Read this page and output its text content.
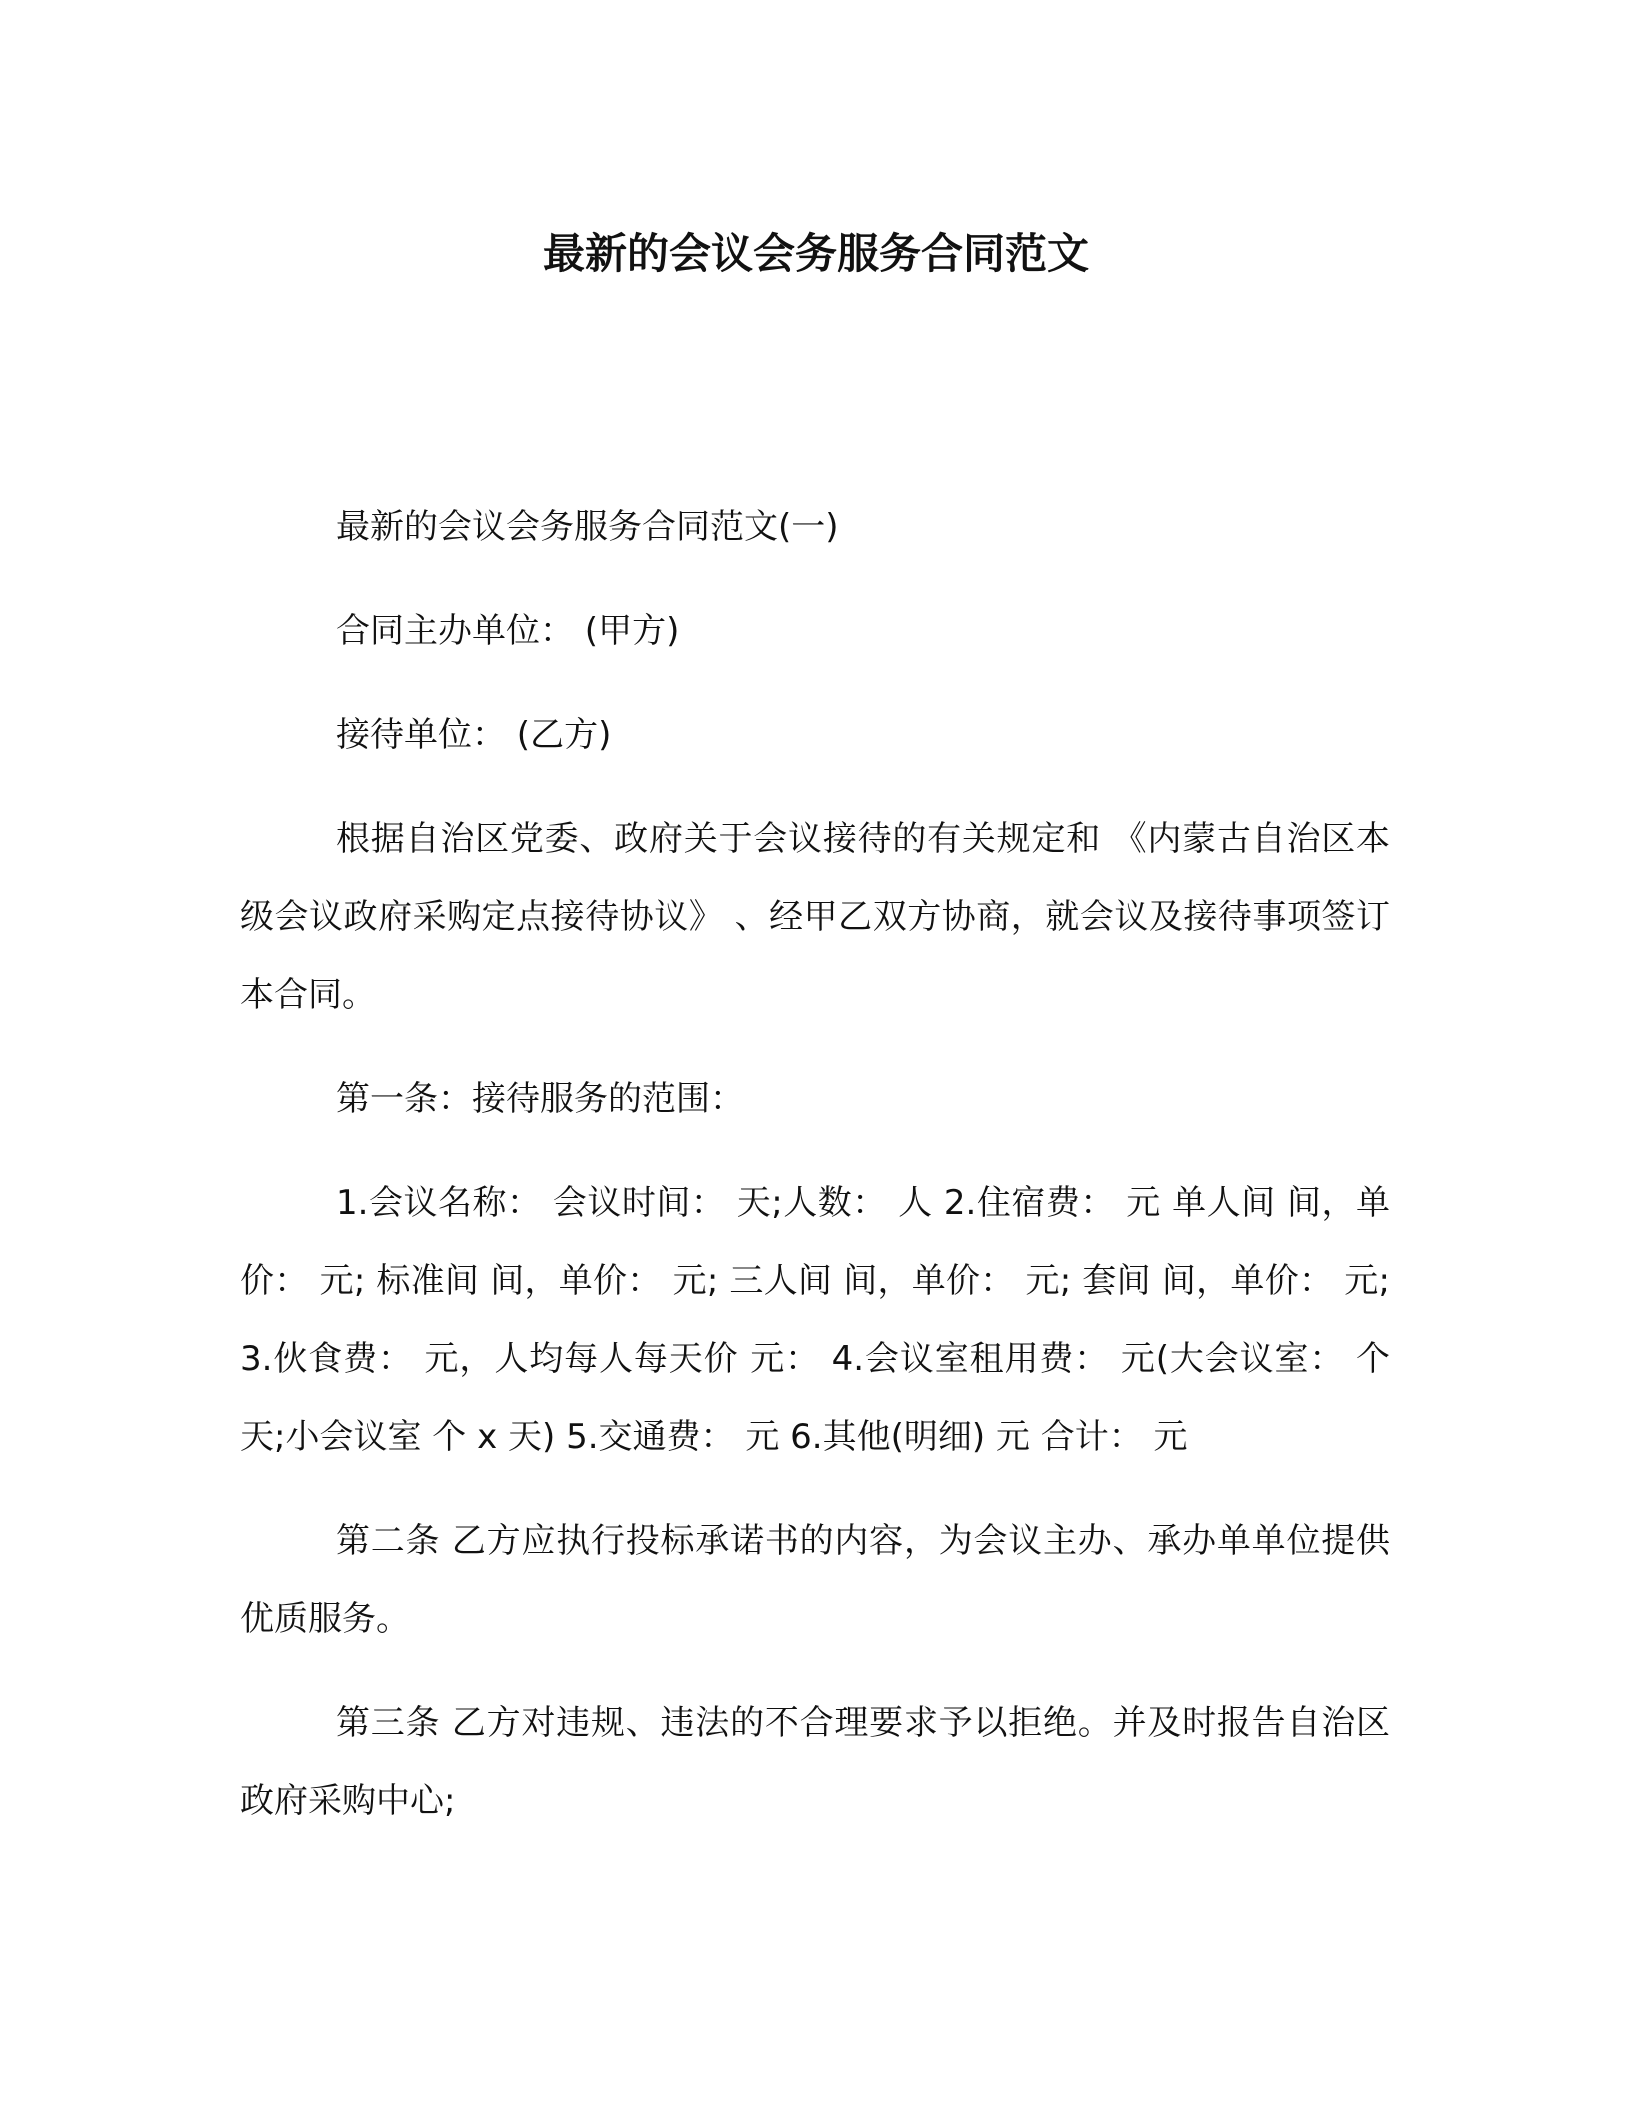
最新的会议会务服务合同范文

最新的会议会务服务合同范文(一)

合同主办单位： (甲方)

接待单位： (乙方)

根据自治区党委、政府关于会议接待的有关规定和 《内蒙古自治区本级会议政府采购定点接待协议》 、经甲乙双方协商，就会议及接待事项签订本合同。

第一条：接待服务的范围：

1.会议名称： 会议时间： 天;人数： 人 2.住宿费： 元 单人间 间，单价： 元; 标准间 间，单价： 元; 三人间 间，单价： 元; 套间 间，单价： 元; 3.伙食费： 元，人均每人每天价 元： 4.会议室租用费： 元(大会议室： 个 天;小会议室 个 x 天) 5.交通费： 元 6.其他(明细) 元 合计： 元

第二条 乙方应执行投标承诺书的内容，为会议主办、承办单单位提供优质服务。

第三条 乙方对违规、违法的不合理要求予以拒绝。并及时报告自治区政府采购中心;
